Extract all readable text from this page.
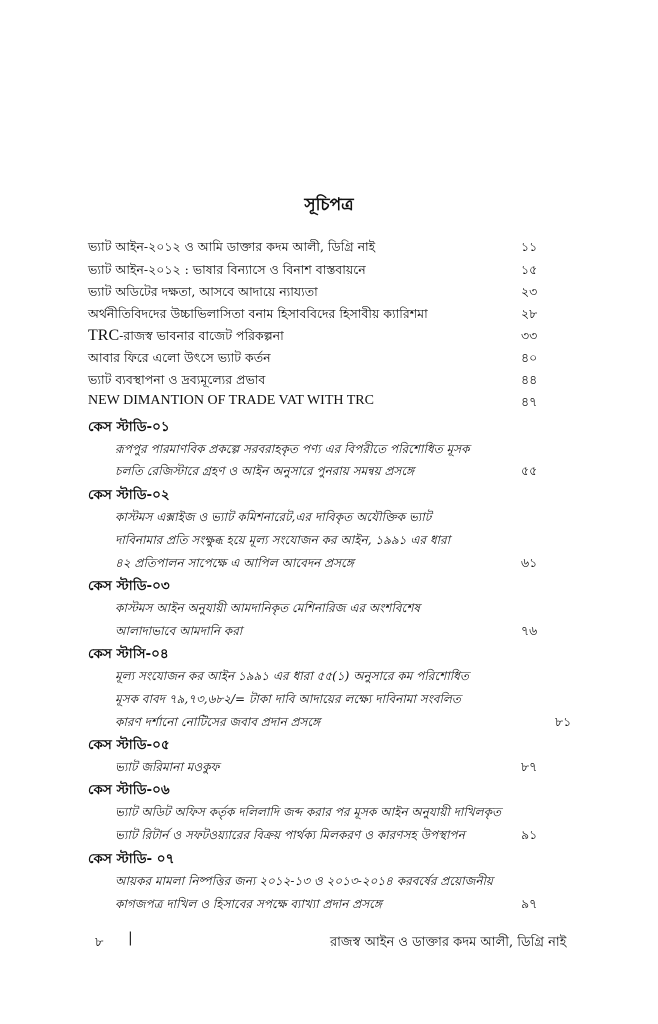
সূচিপত্র
ভ্যাট আইন-২০১২ ও আমি ডাক্তার কদম আলী, ডিগ্রি নাই	১১
ভ্যাট আইন-২০১২ : ভাষার বিন্যাসে ও বিনাশ বাস্তবায়নে	১৫
ভ্যাট অডিটের দক্ষতা, আসবে আদায়ে ন্যায্যতা	২৩
অর্থনীতিবিদদের উচ্চাভিলাসিতা বনাম হিসাববিদের হিসাবীয় ক্যারিশমা	২৮
TRC-রাজস্ব ভাবনার বাজেট পরিকল্পনা	৩৩
আবার ফিরে এলো উৎসে ভ্যাট কর্তন	৪০
ভ্যাট ব্যবস্থাপনা ও দ্রব্যমূল্যের প্রভাব	৪৪
NEW DIMANTION OF TRADE VAT WITH TRC	৪৭
কেস স্টাডি-০১
রূপপুর পারমাণবিক প্রকল্পে সরবরাহকৃত পণ্য এর বিপরীতে পরিশোধিত মূসক
চলতি রেজিস্টারে গ্রহণ ও আইন অনুসারে পুনরায় সমন্বয় প্রসঙ্গে	৫৫
কেস স্টাডি-০২
কাস্টমস এক্সাইজ ও ভ্যাট কমিশনারেট,এর দাবিকৃত অযৌক্তিক ভ্যাট
দাবিনামার প্রতি সংক্ষুব্ধ হয়ে মূল্য সংযোজন কর আইন, ১৯৯১ এর ধারা
৪২ প্রতিপালন সাপেক্ষে এ আপিল আবেদন প্রসঙ্গে	৬১
কেস স্টাডি-০৩
কাস্টমস আইন অনুযায়ী আমদানিকৃত মেশিনারিজ এর অংশবিশেষ
আলাদাভাবে আমদানি করা	৭৬
কেস স্টাসি-০৪
মূল্য সংযোজন কর আইন ১৯৯১ এর ধারা ৫৫(১) অনুসারে কম পরিশোধিত
মূসক বাবদ ৭৯,৭৩,৬৮২/= টাকা দাবি আদায়ের লক্ষ্যে দাবিনামা সংবলিত
কারণ দর্শানো নোটিসের জবাব প্রদান প্রসঙ্গে	৮১
কেস স্টাডি-০৫
ভ্যাট জরিমানা মওকুফ	৮৭
কেস স্টাডি-০৬
ভ্যাট অডিট অফিস কর্তৃক দলিলাদি জব্দ করার পর মূসক আইন অনুযায়ী দাখিলকৃত
ভ্যাট রিটার্ন ও সফটওয়্যারের বিক্রয় পার্থক্য মিলকরণ ও কারণসহ উপস্থাপন	৯১
কেস স্টাডি- ০৭
আয়কর মামলা নিষ্পত্তির জন্য ২০১২-১৩ ও ২০১৩-২০১৪ করবর্ষের প্রয়োজনীয়
কাগজপত্র দাখিল ও হিসাবের সপক্ষে ব্যাখ্যা প্রদান প্রসঙ্গে	৯৭
৮ |	রাজস্ব আইন ও ডাক্তার কদম আলী, ডিগ্রি নাই
